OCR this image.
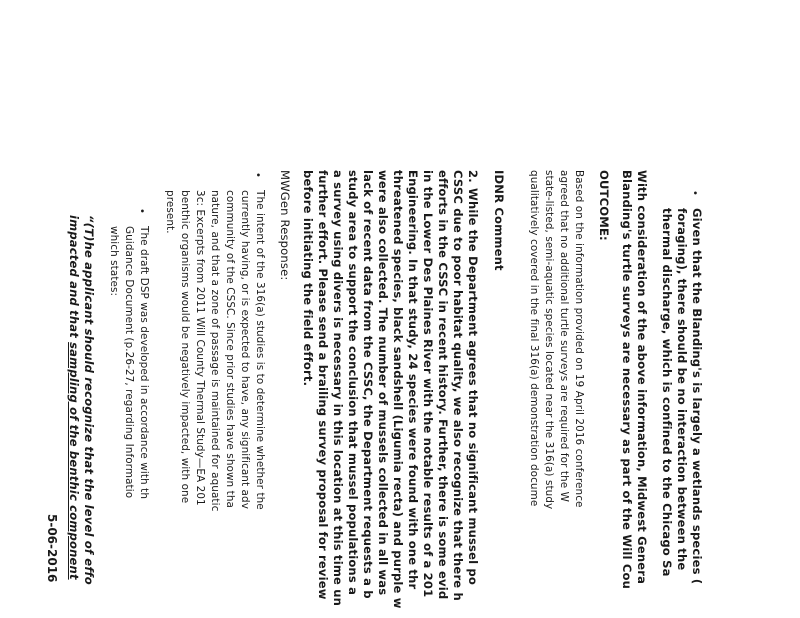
•
Given that the Blanding's is largely a wetlands species (
foraging), there should be no interaction between the
thermal discharge, which is confined to the Chicago Sa
With consideration of the above information, Midwest Genera
Blanding's turtle surveys are necessary as part of the Will Cou
OUTCOME:
Based on the information provided on 19 April 2016 conference
agreed that no additional turtle surveys are required for the W
state-listed, semi-aquatic species located near the 316(a) study
qualitatively covered in the final 316(a) demonstration docume
IDNR Comment
2.
While the Department agrees that no significant mussel po
CSSC due to poor habitat quality, we also recognize that there h
efforts in the CSSC in recent history. Further, there is some evid
in the Lower Des Plaines River with the notable results of a 201
Engineering. In that study, 24 species were found with one thr
threatened species, black sandshell (Ligumia recta) and purple w
were also collected. The number of mussels collected in all was
lack of recent data from the CSSC, the Department requests a b
study area to support the conclusion that mussel populations a
a survey using divers is necessary in this location at this time un
further effort. Please send a brailing survey proposal for review
before initiating the field effort.
MWGen Response:
•
The intent of the 316(a) studies is to determine whether the
currently having, or is expected to have, any significant adv
community of the CSSC. Since prior studies have shown tha
nature, and that a zone of passage is maintained for aquatic
3c: Excerpts from 2011 Will County Thermal Study—EA 201
benthic organisms would be negatively impacted, with one
present.
•
The draft DSP was developed in accordance with th
Guidance Document (p.26-27, regarding Informatio
which states:
“(T)he applicant should recognize that the level of effo
impacted and that sampling of the benthic component
5-06-2016
